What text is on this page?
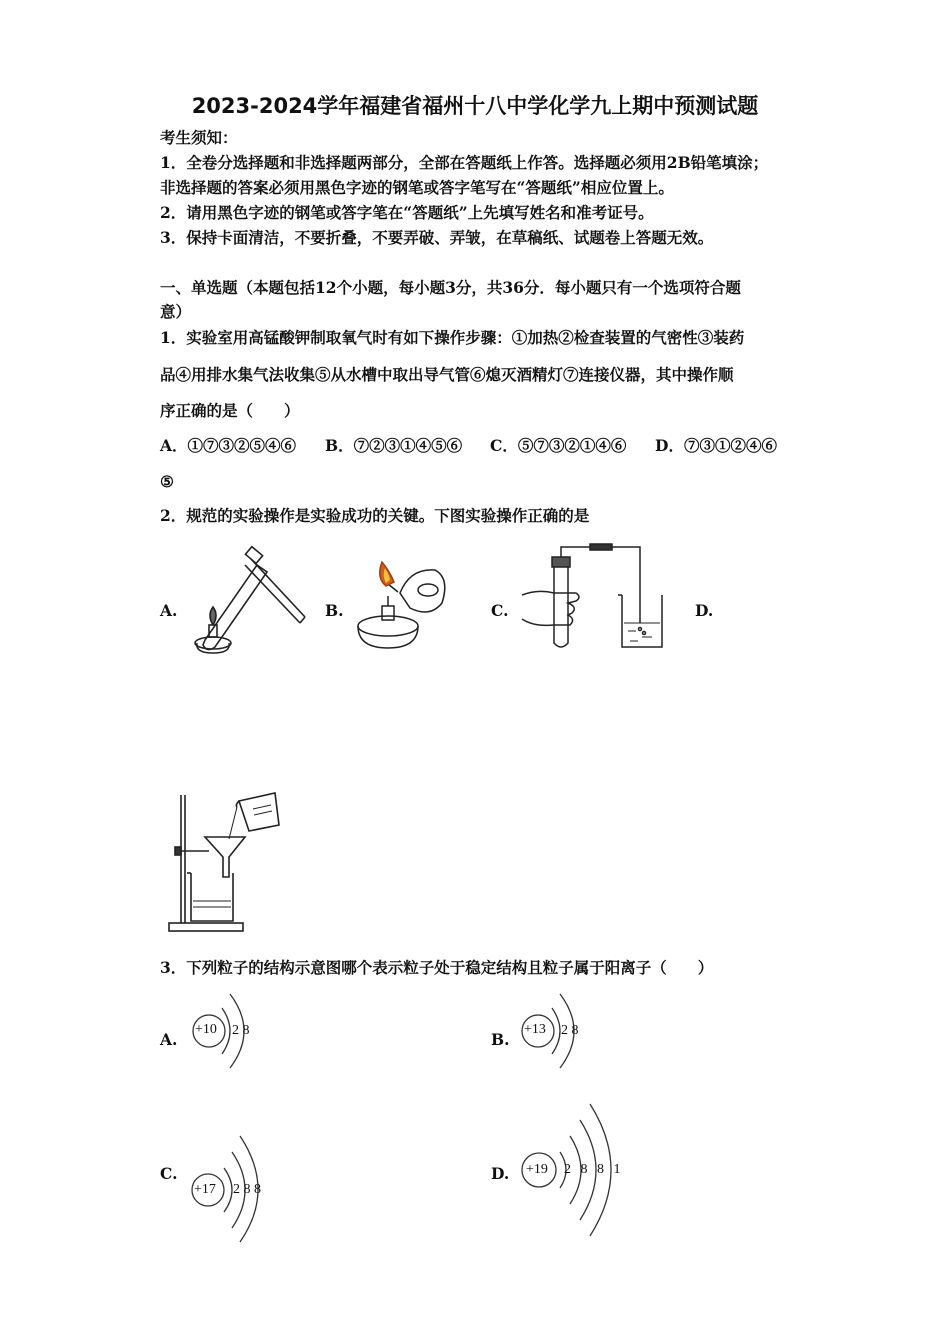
2023-2024学年福建省福州十八中学化学九上期中预测试题
考生须知：
1．全卷分选择题和非选择题两部分，全部在答题纸上作答。选择题必须用2B铅笔填涂；
非选择题的答案必须用黑色字迹的钢笔或答字笔写在“答题纸”相应位置上。
2．请用黑色字迹的钢笔或答字笔在“答题纸”上先填写姓名和准考证号。
3．保持卡面清洁，不要折叠，不要弄破、弄皱，在草稿纸、试题卷上答题无效。
一、单选题（本题包括12个小题，每小题3分，共36分．每小题只有一个选项符合题
意）
1．实验室用高锰酸钾制取氧气时有如下操作步骤：①加热②检查装置的气密性③装药
品④用排水集气法收集⑤从水槽中取出导气管⑥熄灭酒精灯⑦连接仪器，其中操作顺
序正确的是（　　）
A．①⑦③②⑤④⑥ B．⑦②③①④⑤⑥ C．⑤⑦③②①④⑥ D．⑦③①②④⑥
⑤
2．规范的实验操作是实验成功的关键。下图实验操作正确的是
A.	B.	C.	D.
3．下列粒子的结构示意图哪个表示粒子处于稳定结构且粒子属于阳离子（　　）
A.	B.
C.	D.
+10 2 8	+13 2 8
+17 2 8 8
+19 2 8 8 1
